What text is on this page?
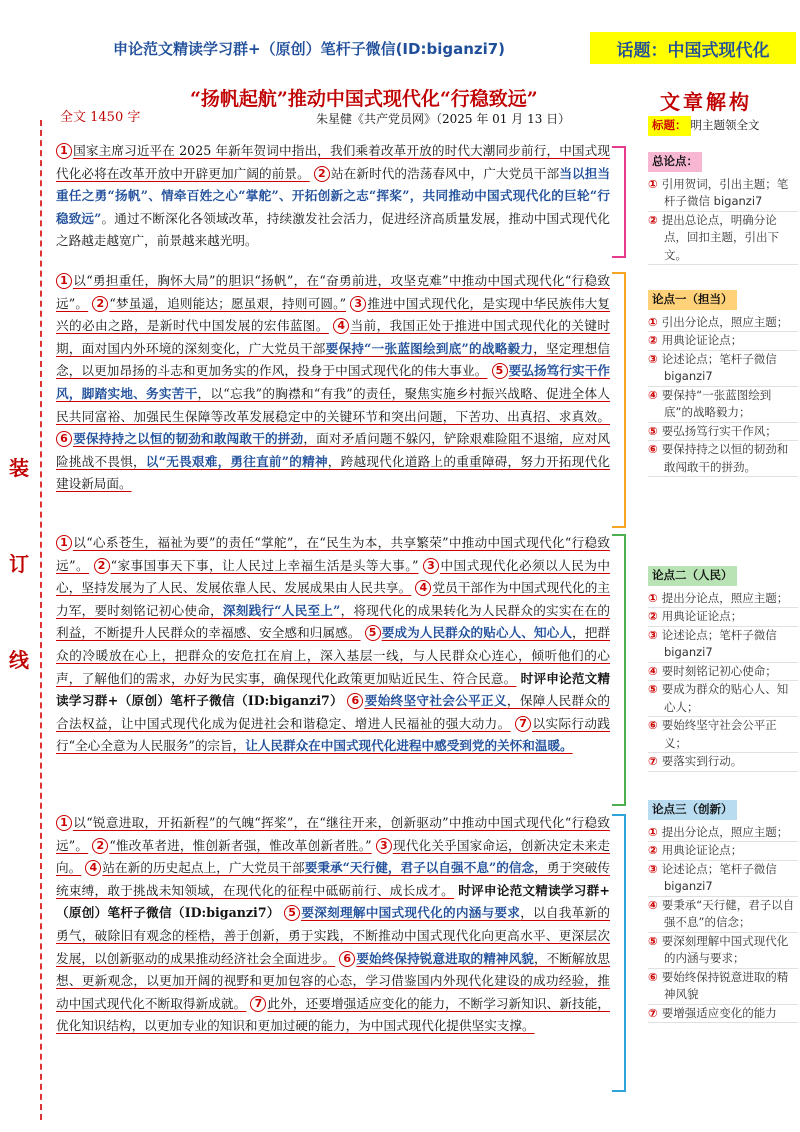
申论范文精读学习群+（原创）笔杆子微信(ID:biganzi7)	话题：中国式现代化
“扬帆起航”推动中国式现代化“行稳致远”
全文 1450 字	朱星健《共产党员网》（2025 年 01 月 13 日）
装
订
线

1 国家主席习近平在 2025 年新年贺词中指出，我们乘着改革开放的时代大潮同步前行，中国式现代化必将在改革开放中开辟更加广阔的前景。 2 站在新时代的浩荡春风中，广大党员干部当以担当重任之勇“扬帆”、情牵百姓之心“掌舵”、开拓创新之志“挥桨”，共同推动中国式现代化的巨轮“行稳致远”。通过不断深化各领域改革，持续激发社会活力，促进经济高质量发展，推动中国式现代化之路越走越宽广，前景越来越光明。

1 以“勇担重任，胸怀大局”的胆识“扬帆”，在“奋勇前进，攻坚克难”中推动中国式现代化“行稳致远”。 2 “梦虽遥，追则能达；愿虽艰，持则可圆。” 3 推进中国式现代化，是实现中华民族伟大复兴的必由之路，是新时代中国发展的宏伟蓝图。 4 当前，我国正处于推进中国式现代化的关键时期，面对国内外环境的深刻变化，广大党员干部要保持“一张蓝图绘到底”的战略毅力，坚定理想信念，以更加昂扬的斗志和更加务实的作风，投身于中国式现代化的伟大事业。 5 要弘扬笃行实干作风，脚踏实地、务实苦干，以“忘我”的胸襟和“有我”的责任，聚焦实施乡村振兴战略、促进全体人民共同富裕、加强民生保障等改革发展稳定中的关键环节和突出问题，下苦功、出真招、求真效。 6 要保持持之以恒的韧劲和敢闯敢干的拼劲，面对矛盾问题不躲闪，铲除艰难险阻不退缩，应对风险挑战不畏惧，以“无畏艰难，勇往直前”的精神，跨越现代化道路上的重重障碍，努力开拓现代化建设新局面。

1 以“心系苍生，福祉为要”的责任“掌舵”，在“民生为本，共享繁荣”中推动中国式现代化“行稳致远”。 2 “家事国事天下事，让人民过上幸福生活是头等大事。” 3 中国式现代化必须以人民为中心，坚持发展为了人民、发展依靠人民、发展成果由人民共享。 4 党员干部作为中国式现代化的主力军，要时刻铭记初心使命，深刻践行“人民至上”，将现代化的成果转化为人民群众的实实在在的利益，不断提升人民群众的幸福感、安全感和归属感。 5 要成为人民群众的贴心人、知心人，把群众的冷暖放在心上，把群众的安危扛在肩上，深入基层一线，与人民群众心连心，倾听他们的心声，了解他们的需求，办好为民实事，确保现代化政策更加贴近民生、符合民意。 时评申论范文精读学习群+（原创）笔杆子微信（ID:biganzi7） 6 要始终坚守社会公平正义，保障人民群众的合法权益，让中国式现代化成为促进社会和谐稳定、增进人民福祉的强大动力。 7 以实际行动践行“全心全意为人民服务”的宗旨，让人民群众在中国式现代化进程中感受到党的关怀和温暖。

1 以“锐意进取，开拓新程”的气魄“挥桨”，在“继往开来，创新驱动”中推动中国式现代化“行稳致远”。 2 “惟改革者进，惟创新者强，惟改革创新者胜。” 3 现代化关乎国家命运，创新决定未来走向。 4 站在新的历史起点上，广大党员干部要秉承“天行健，君子以自强不息”的信念，勇于突破传统束缚，敢于挑战未知领域，在现代化的征程中砥砺前行、成长成才。 时评申论范文精读学习群+（原创）笔杆子微信（ID:biganzi7） 5 要深刻理解中国式现代化的内涵与要求，以自我革新的勇气，破除旧有观念的桎梏，善于创新，勇于实践，不断推动中国式现代化向更高水平、更深层次发展，以创新驱动的成果推动经济社会全面进步。 6 要始终保持锐意进取的精神风貌，不断解放思想、更新观念，以更加开阔的视野和更加包容的心态，学习借鉴国内外现代化建设的成功经验，推动中国式现代化不断取得新成就。 7 此外，还要增强适应变化的能力，不断学习新知识、新技能，优化知识结构，以更加专业的知识和更加过硬的能力，为中国式现代化提供坚实支撑。

文章解构
标题： 明主题领全文
总论点：
① 引用贺词，引出主题；笔杆子微信 biganzi7
② 提出总论点，明确分论点，回扣主题，引出下文。
论点一（担当）
① 引出分论点，照应主题；
② 用典论证论点；
③ 论述论点；笔杆子微信 biganzi7
④ 要保持“一张蓝图绘到底”的战略毅力；
⑤ 要弘扬笃行实干作风；
⑥ 要保持持之以恒的韧劲和敢闯敢干的拼劲。
论点二（人民）
① 提出分论点，照应主题；
② 用典论证论点；
③ 论述论点；笔杆子微信 biganzi7
④ 要时刻铭记初心使命；
⑤ 要成为群众的贴心人、知心人；
⑥ 要始终坚守社会公平正义；
⑦ 要落实到行动。
论点三（创新）
① 提出分论点，照应主题；
② 用典论证论点；
③ 论述论点；笔杆子微信 biganzi7
④ 要秉承“天行健，君子以自强不息”的信念；
⑤ 要深刻理解中国式现代化的内涵与要求；
⑥ 要始终保持锐意进取的精神风貌
⑦ 要增强适应变化的能力
